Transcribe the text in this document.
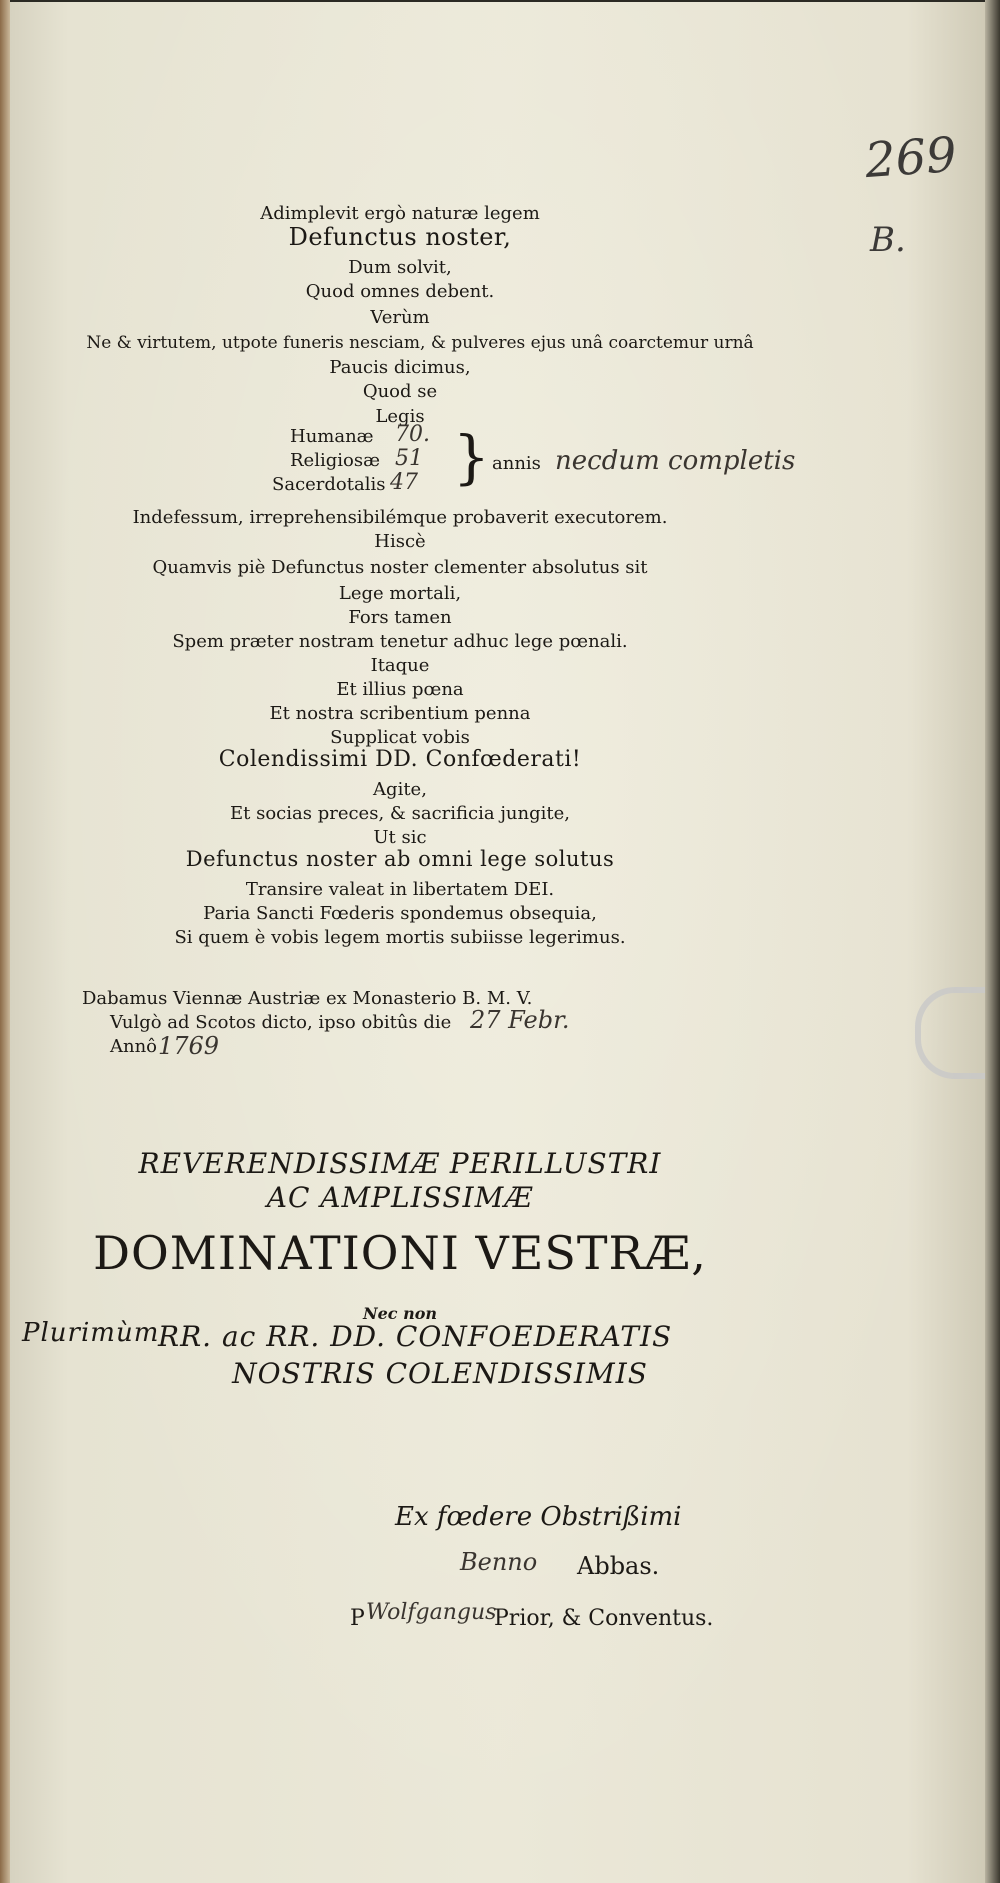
269
B.
Adimplevit ergò naturæ legem
Defunctus noster,
Dum solvit,
Quod omnes debent.
Verùm
Ne & virtutem, utpote funeris nesciam, & pulveres ejus unâ coarctemur urnâ
Paucis dicimus,
Quod se
Legis
Humanæ 70.
Religiosæ 51
Sacerdotalis 47 } annis necdum completis
Indefessum, irreprehensibilémque probaverit executorem.
Hiscè
Quamvis piè Defunctus noster clementer absolutus sit
Lege mortali,
Fors tamen
Spem præter nostram tenetur adhuc lege pœnali.
Itaque
Et illius pœna
Et nostra scribentium penna
Supplicat vobis
Colendissimi DD. Confœderati!
Agite,
Et socias preces, & sacrificia jungite,
Ut sic
Defunctus noster ab omni lege solutus
Transire valeat in libertatem DEI.
Paria Sancti Fœderis spondemus obsequia,
Si quem è vobis legem mortis subiisse legerimus.
Dabamus Viennæ Austriæ ex Monasterio B. M. V.
Vulgò ad Scotos dicto, ipso obitûs die 27 Febr.
Annô 1769
REVERENDISSIMÆ PERILLUSTRI
AC AMPLISSIMÆ
DOMINATIONI VESTRÆ,
Nec non
Plurimùm
RR. ac RR. DD. CONFOEDERATIS
NOSTRIS COLENDISSIMIS
Ex fœdere Obstrißimi
Benno Abbas.
P Wolfgangus
Prior, & Conventus.
